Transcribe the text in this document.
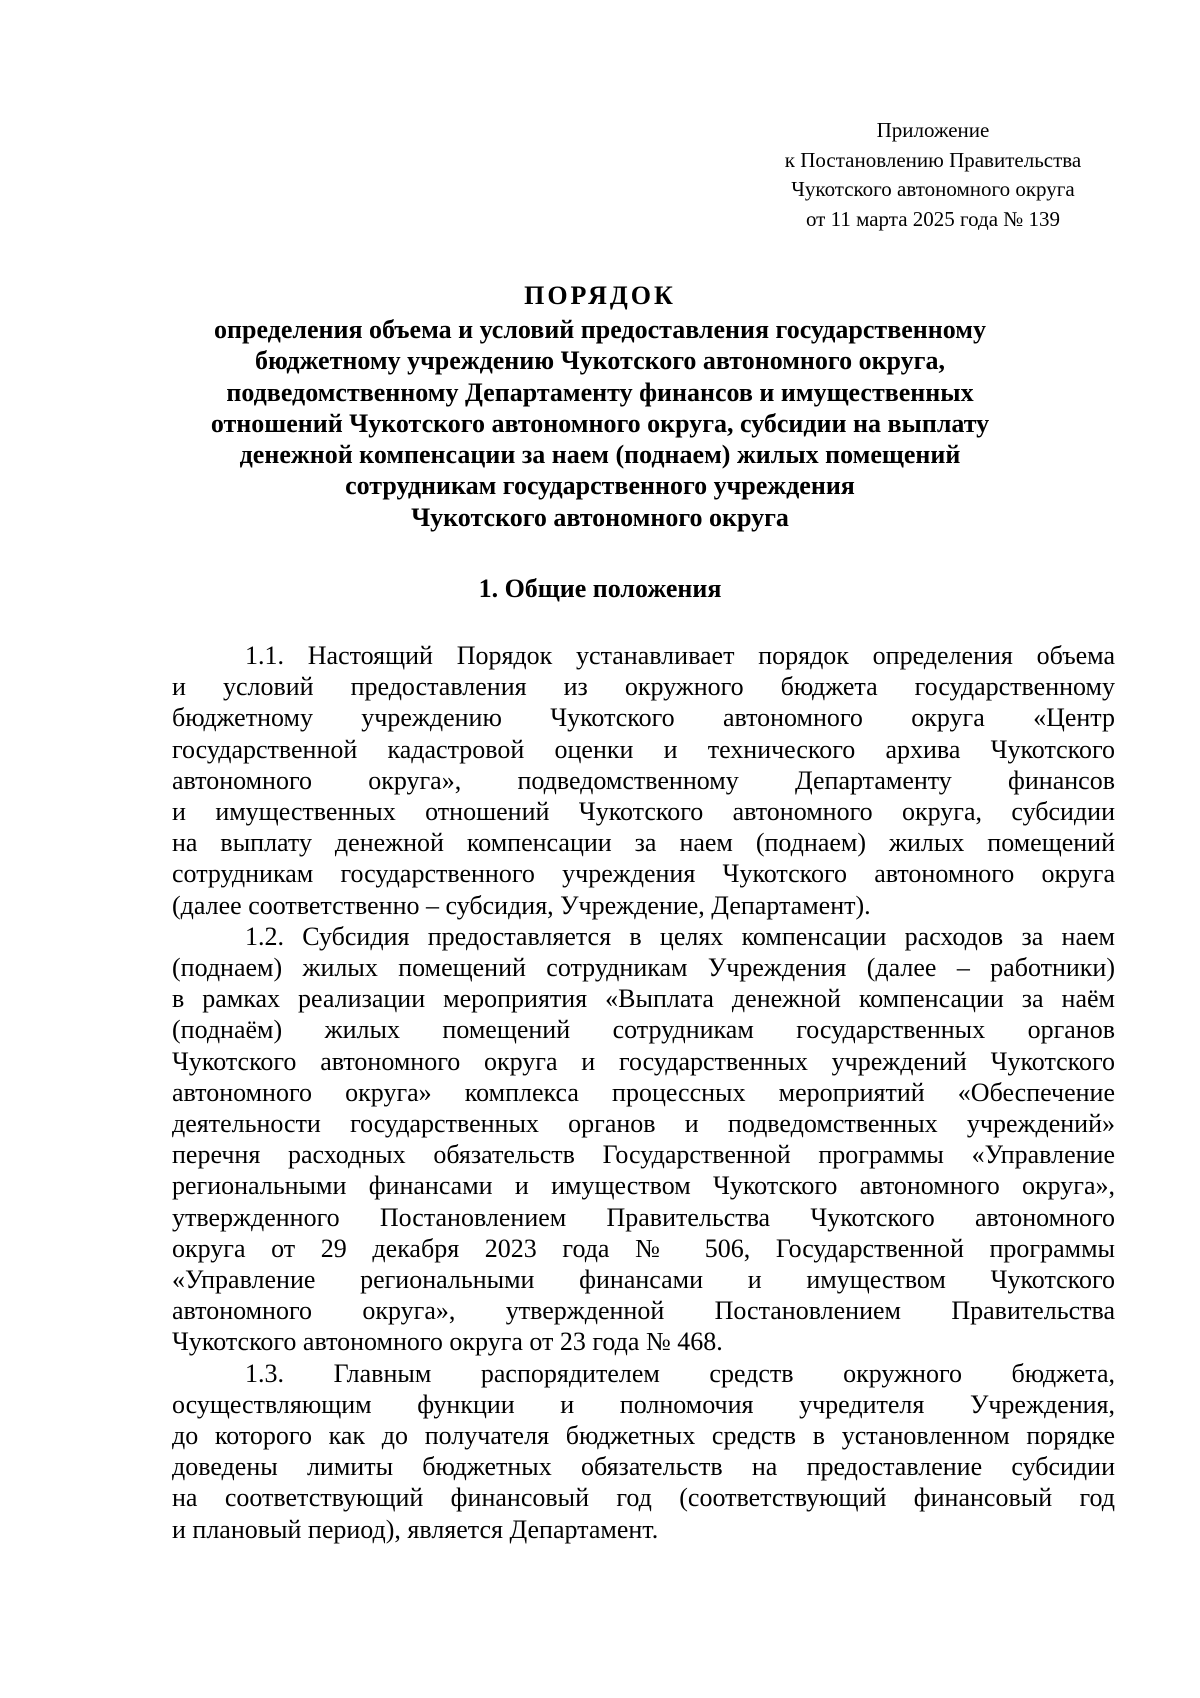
Приложение
к Постановлению Правительства
Чукотского автономного округа
от 11 марта 2025 года № 139
ПОРЯДОК
определения объема и условий предоставления государственному
бюджетному учреждению Чукотского автономного округа,
подведомственному Департаменту финансов и имущественных
отношений Чукотского автономного округа, субсидии на выплату
денежной компенсации за наем (поднаем) жилых помещений
сотрудникам государственного учреждения
Чукотского автономного округа
1. Общие положения
1.1. Настоящий Порядок устанавливает порядок определения объема
и условий предоставления из окружного бюджета государственному
бюджетному учреждению Чукотского автономного округа «Центр
государственной кадастровой оценки и технического архива Чукотского
автономного округа», подведомственному Департаменту финансов
и имущественных отношений Чукотского автономного округа, субсидии
на выплату денежной компенсации за наем (поднаем) жилых помещений
сотрудникам государственного учреждения Чукотского автономного округа
(далее соответственно – субсидия, Учреждение, Департамент).
1.2. Субсидия предоставляется в целях компенсации расходов за наем
(поднаем) жилых помещений сотрудникам Учреждения (далее – работники)
в рамках реализации мероприятия «Выплата денежной компенсации за наём
(поднаём) жилых помещений сотрудникам государственных органов
Чукотского автономного округа и государственных учреждений Чукотского
автономного округа» комплекса процессных мероприятий «Обеспечение
деятельности государственных органов и подведомственных учреждений»
перечня расходных обязательств Государственной программы «Управление
региональными финансами и имуществом Чукотского автономного округа»,
утвержденного Постановлением Правительства Чукотского автономного
округа от 29 декабря 2023 года № 506, Государственной программы
«Управление региональными финансами и имуществом Чукотского
автономного округа», утвержденной Постановлением Правительства
Чукотского автономного округа от 23 года № 468.
1.3. Главным распорядителем средств окружного бюджета,
осуществляющим функции и полномочия учредителя Учреждения,
до которого как до получателя бюджетных средств в установленном порядке
доведены лимиты бюджетных обязательств на предоставление субсидии
на соответствующий финансовый год (соответствующий финансовый год
и плановый период), является Департамент.
